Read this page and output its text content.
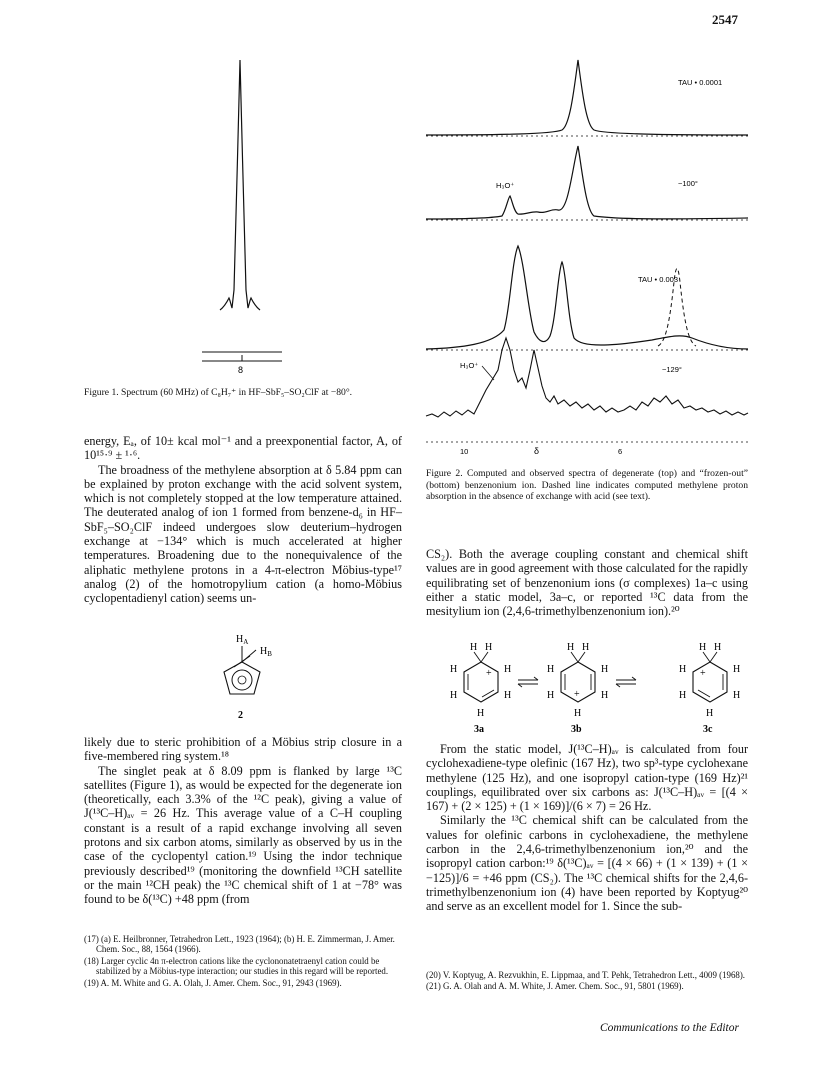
2547
8
Figure 1. Spectrum (60 MHz) of C₈H₇⁺ in HF–SbF₅–SO₂ClF at −80°.
TAU • 0.0001
H₃O⁺	−100°
TAU • 0.003
H₃O⁺	−129°
10	δ	6
Figure 2. Computed and observed spectra of degenerate (top) and “frozen-out” (bottom) benzenonium ion. Dashed line indicates computed methylene proton absorption in the absence of exchange with acid (see text).

energy, Eₐ, of 10± kcal mol⁻¹ and a preexponential factor, A, of 10¹⁵·⁹ ± ¹·⁶.

The broadness of the methylene absorption at δ 5.84 ppm can be explained by proton exchange with the acid solvent system, which is not completely stopped at the low temperature attained. The deuterated analog of ion 1 formed from benzene-d₆ in HF–SbF₅–SO₂ClF indeed undergoes slow deuterium–hydrogen exchange at −134° which is much accelerated at higher temperatures. Broadening due to the nonequivalence of the aliphatic methylene protons in a 4-π-electron Möbius-type¹⁷ analog (2) of the homotropylium cation (a homo-Möbius cyclopentadienyl cation) seems un-

$H_A$
$H_B$
2

likely due to steric prohibition of a Möbius strip closure in a five-membered ring system.¹⁸

The singlet peak at δ 8.09 ppm is flanked by large ¹³C satellites (Figure 1), as would be expected for the degenerate ion (theoretically, each 3.3% of the ¹²C peak), giving a value of J(¹³C–H)ₐᵥ = 26 Hz. This average value of a C–H coupling constant is a result of a rapid exchange involving all seven protons and six carbon atoms, similarly as observed by us in the case of the cyclopentyl cation.¹⁹ Using the indor technique previously described¹⁹ (monitoring the downfield ¹³CH satellite or the main ¹²CH peak) the ¹³C chemical shift of 1 at −78° was found to be δ(¹³C) +48 ppm (from

(17) (a) E. Heilbronner, Tetrahedron Lett., 1923 (1964); (b) H. E. Zimmerman, J. Amer. Chem. Soc., 88, 1564 (1966).

(18) Larger cyclic 4n π-electron cations like the cyclononatetraenyl cation could be stabilized by a Möbius-type interaction; our studies in this regard will be reported.

(19) A. M. White and G. A. Olah, J. Amer. Chem. Soc., 91, 2943 (1969).

CS₂). Both the average coupling constant and chemical shift values are in good agreement with those calculated for the rapidly equilibrating set of benzenonium ions (σ complexes) 1a–c using either a static model, 3a–c, or reported ¹³C data from the mesitylium ion (2,4,6-trimethylbenzenonium ion).²⁰

H H
H	H
H	H
H
+
3a
H H
H	H
H	H
H
+
3b
H H
H	H
H	H
H
+
3c

From the static model, J(¹³C–H)ₐᵥ is calculated from four cyclohexadiene-type olefinic (167 Hz), two sp³-type cyclohexane methylene (125 Hz), and one isopropyl cation-type (169 Hz)²¹ couplings, equilibrated over six carbons as: J(¹³C–H)ₐᵥ = [(4 × 167) + (2 × 125) + (1 × 169)]/(6 × 7) = 26 Hz.

Similarly the ¹³C chemical shift can be calculated from the values for olefinic carbons in cyclohexadiene, the methylene carbon in the 2,4,6-trimethylbenzenonium ion,²⁰ and the isopropyl cation carbon:¹⁹ δ(¹³C)ₐᵥ = [(4 × 66) + (1 × 139) + (1 × −125)]/6 = +46 ppm (CS₂). The ¹³C chemical shifts for the 2,4,6-trimethylbenzenonium ion (4) have been reported by Koptyug²⁰ and serve as an excellent model for 1. Since the sub-

(20) V. Koptyug, A. Rezvukhin, E. Lippmaa, and T. Pehk, Tetrahedron Lett., 4009 (1968).

(21) G. A. Olah and A. M. White, J. Amer. Chem. Soc., 91, 5801 (1969).

Communications to the Editor
